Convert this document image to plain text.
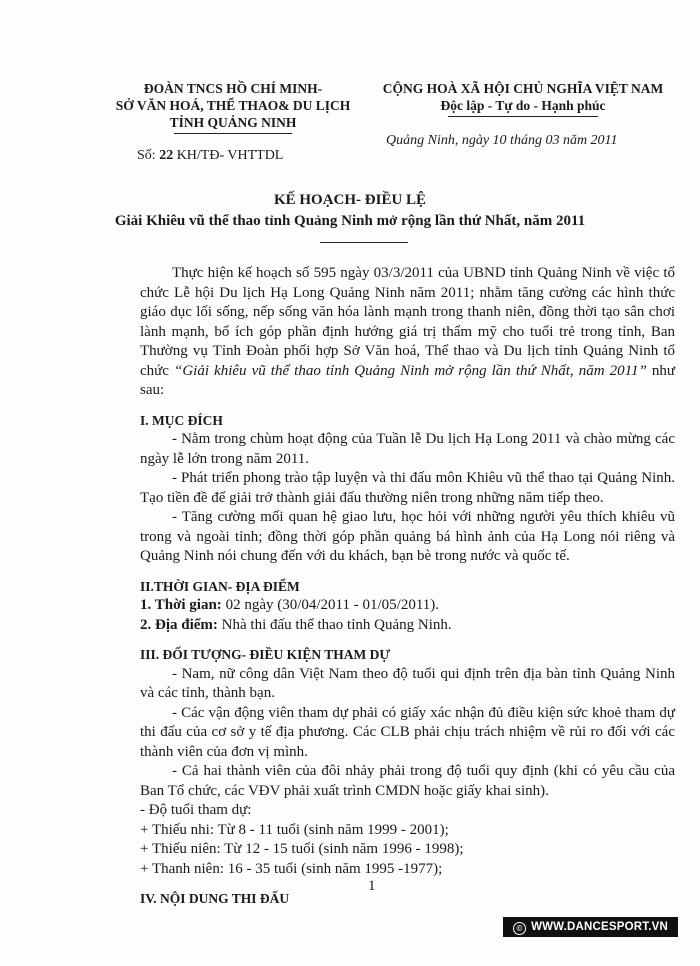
ĐOÀN TNCS HỒ CHÍ MINH-
SỞ VĂN HOÁ, THỂ THAO& DU LỊCH
TỈNH QUẢNG NINH
CỘNG HOÀ XÃ HỘI CHỦ NGHĨA VIỆT NAM
Độc lập - Tự do - Hạnh phúc
Số: 22 KH/TĐ- VHTTDL
Quảng Ninh, ngày 10 tháng 03 năm 2011
KẾ HOẠCH- ĐIỀU LỆ
Giải Khiêu vũ thể thao tỉnh Quảng Ninh mở rộng lần thứ Nhất, năm 2011

Thực hiện kế hoạch số 595 ngày 03/3/2011 của UBND tỉnh Quảng Ninh về việc tổ chức Lễ hội Du lịch Hạ Long Quảng Ninh năm 2011; nhằm tăng cường các hình thức giáo dục lối sống, nếp sống văn hóa lành mạnh trong thanh niên, đồng thời tạo sân chơi lành mạnh, bổ ích góp phần định hướng giá trị thẩm mỹ cho tuổi trẻ trong tỉnh, Ban Thường vụ Tỉnh Đoàn phối hợp Sở Văn hoá, Thể thao và Du lịch tỉnh Quảng Ninh tổ chức “Giải khiêu vũ thể thao tỉnh Quảng Ninh mở rộng lần thứ Nhất, năm 2011” như sau:

I. MỤC ĐÍCH

- Nằm trong chùm hoạt động của Tuần lễ Du lịch Hạ Long 2011 và chào mừng các ngày lễ lớn trong năm 2011.

- Phát triển phong trào tập luyện và thi đấu môn Khiêu vũ thể thao tại Quảng Ninh. Tạo tiền đề để giải trở thành giải đấu thường niên trong những năm tiếp theo.

- Tăng cường mối quan hệ giao lưu, học hỏi với những người yêu thích khiêu vũ trong và ngoài tỉnh; đồng thời góp phần quảng bá hình ảnh của Hạ Long nói riêng và Quảng Ninh nói chung đến với du khách, bạn bè trong nước và quốc tế.

II.THỜI GIAN- ĐỊA ĐIỂM

1. Thời gian: 02 ngày (30/04/2011 - 01/05/2011).

2. Địa điểm: Nhà thi đấu thể thao tỉnh Quảng Ninh.

III. ĐỐI TƯỢNG- ĐIỀU KIỆN THAM DỰ

- Nam, nữ công dân Việt Nam theo độ tuổi qui định trên địa bàn tỉnh Quảng Ninh và các tỉnh, thành bạn.

- Các vận động viên tham dự phải có giấy xác nhận đủ điều kiện sức khoẻ tham dự thi đấu của cơ sở y tế địa phương. Các CLB phải chịu trách nhiệm về rủi ro đối với các thành viên của đơn vị mình.

- Cả hai thành viên của đôi nhảy phải trong độ tuổi quy định (khi có yêu cầu của Ban Tổ chức, các VĐV phải xuất trình CMDN hoặc giấy khai sinh).

- Độ tuổi tham dự:

+ Thiếu nhi: Từ 8 - 11 tuổi (sinh năm 1999 - 2001);

+ Thiếu niên: Từ 12 - 15 tuổi (sinh năm 1996 - 1998);

+ Thanh niên: 16 - 35 tuổi (sinh năm 1995 -1977);

IV. NỘI DUNG THI ĐẤU

1
© WWW.DANCESPORT.VN
